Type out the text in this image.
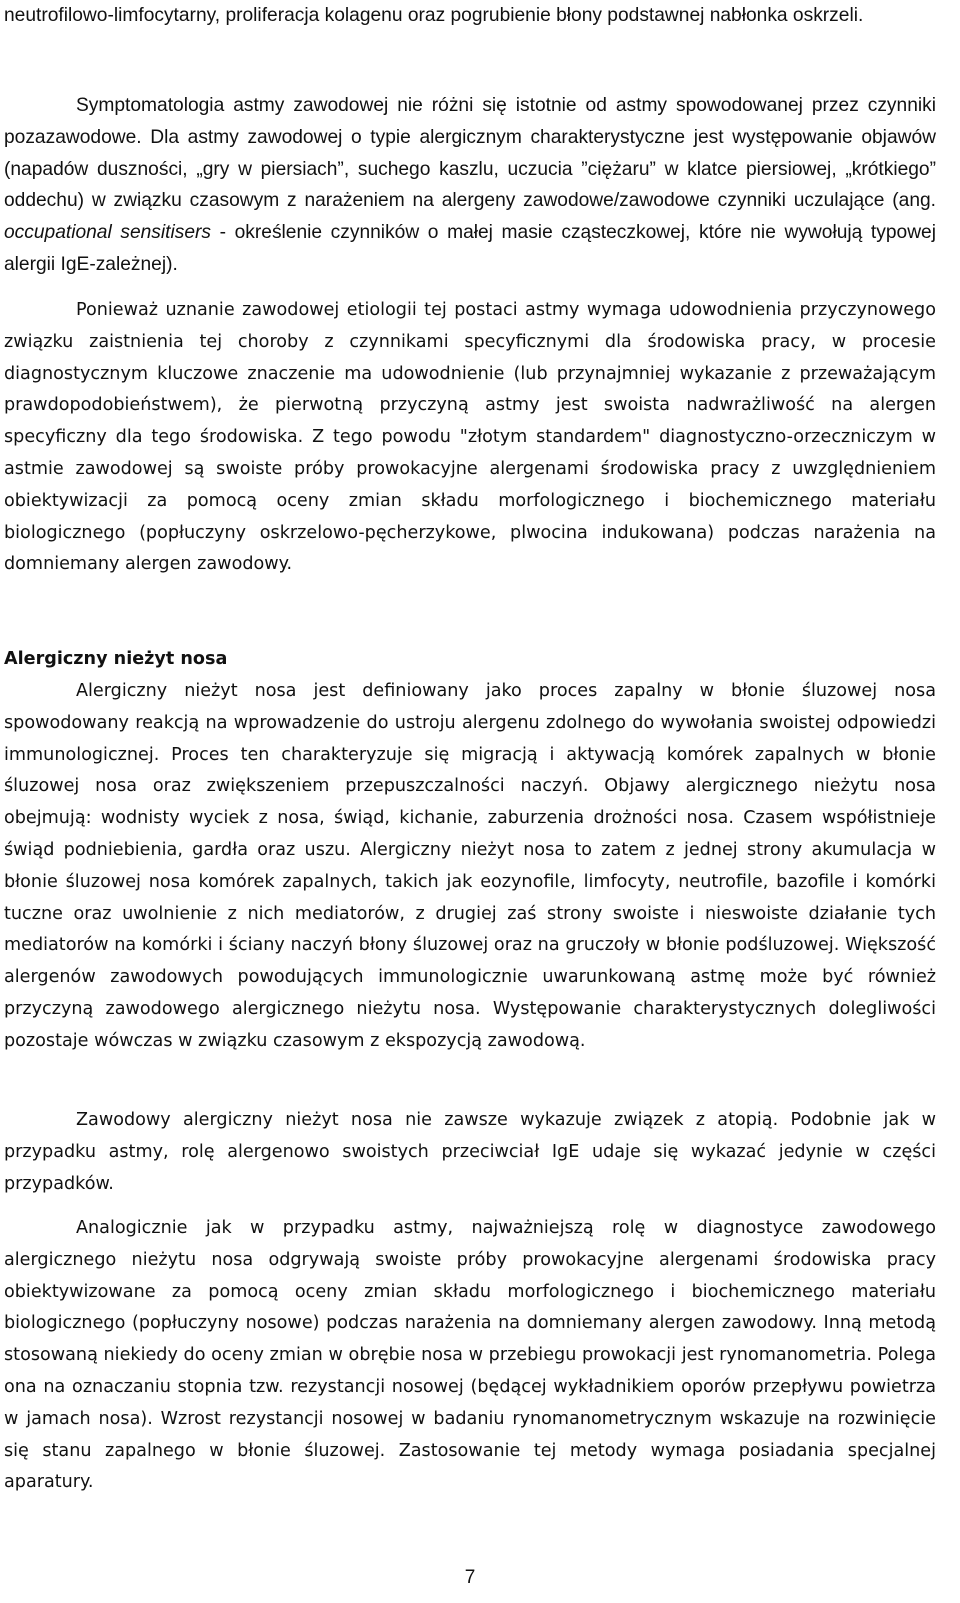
neutrofilowo-limfocytarny, proliferacja kolagenu oraz pogrubienie błony podstawnej nabłonka oskrzeli.

Symptomatologia astmy zawodowej nie różni się istotnie od astmy spowodowanej przez czynniki pozazawodowe. Dla astmy zawodowej o typie alergicznym charakterystyczne jest występowanie objawów (napadów duszności, „gry w piersiach”, suchego kaszlu, uczucia ”ciężaru” w klatce piersiowej, „krótkiego” oddechu) w związku czasowym z narażeniem na alergeny zawodowe/zawodowe czynniki uczulające (ang. occupational sensitisers - określenie czynników o małej masie cząsteczkowej, które nie wywołują typowej alergii IgE-zależnej).

Ponieważ uznanie zawodowej etiologii tej postaci astmy wymaga udowodnienia przyczynowego związku zaistnienia tej choroby z czynnikami specyficznymi dla środowiska pracy, w procesie diagnostycznym kluczowe znaczenie ma udowodnienie (lub przynajmniej wykazanie z przeważającym prawdopodobieństwem), że pierwotną przyczyną astmy jest swoista nadwrażliwość na alergen specyficzny dla tego środowiska. Z tego powodu "złotym standardem" diagnostyczno-orzeczniczym w astmie zawodowej są swoiste próby prowokacyjne alergenami środowiska pracy z uwzględnieniem obiektywizacji za pomocą oceny zmian składu morfologicznego i biochemicznego materiału biologicznego (popłuczyny oskrzelowo-pęcherzykowe, plwocina indukowana) podczas narażenia na domniemany alergen zawodowy.

Alergiczny nieżyt nosa

Alergiczny nieżyt nosa jest definiowany jako proces zapalny w błonie śluzowej nosa spowodowany reakcją na wprowadzenie do ustroju alergenu zdolnego do wywołania swoistej odpowiedzi immunologicznej. Proces ten charakteryzuje się migracją i aktywacją komórek zapalnych w błonie śluzowej nosa oraz zwiększeniem przepuszczalności naczyń. Objawy alergicznego nieżytu nosa obejmują: wodnisty wyciek z nosa, świąd, kichanie, zaburzenia drożności nosa. Czasem współistnieje świąd podniebienia, gardła oraz uszu. Alergiczny nieżyt nosa to zatem z jednej strony akumulacja w błonie śluzowej nosa komórek zapalnych, takich jak eozynofile, limfocyty, neutrofile, bazofile i komórki tuczne oraz uwolnienie z nich mediatorów, z drugiej zaś strony swoiste i nieswoiste działanie tych mediatorów na komórki i ściany naczyń błony śluzowej oraz na gruczoły w błonie podśluzowej. Większość alergenów zawodowych powodujących immunologicznie uwarunkowaną astmę może być również przyczyną zawodowego alergicznego nieżytu nosa. Występowanie charakterystycznych dolegliwości pozostaje wówczas w związku czasowym z ekspozycją zawodową.

Zawodowy alergiczny nieżyt nosa nie zawsze wykazuje związek z atopią. Podobnie jak w przypadku astmy, rolę alergenowo swoistych przeciwciał IgE udaje się wykazać jedynie w części przypadków.

Analogicznie jak w przypadku astmy, najważniejszą rolę w diagnostyce zawodowego alergicznego nieżytu nosa odgrywają swoiste próby prowokacyjne alergenami środowiska pracy obiektywizowane za pomocą oceny zmian składu morfologicznego i biochemicznego materiału biologicznego (popłuczyny nosowe) podczas narażenia na domniemany alergen zawodowy. Inną metodą stosowaną niekiedy do oceny zmian w obrębie nosa w przebiegu prowokacji jest rynomanometria. Polega ona na oznaczaniu stopnia tzw. rezystancji nosowej (będącej wykładnikiem oporów przepływu powietrza w jamach nosa). Wzrost rezystancji nosowej w badaniu rynomanometrycznym wskazuje na rozwinięcie się stanu zapalnego w błonie śluzowej. Zastosowanie tej metody wymaga posiadania specjalnej aparatury.

7
